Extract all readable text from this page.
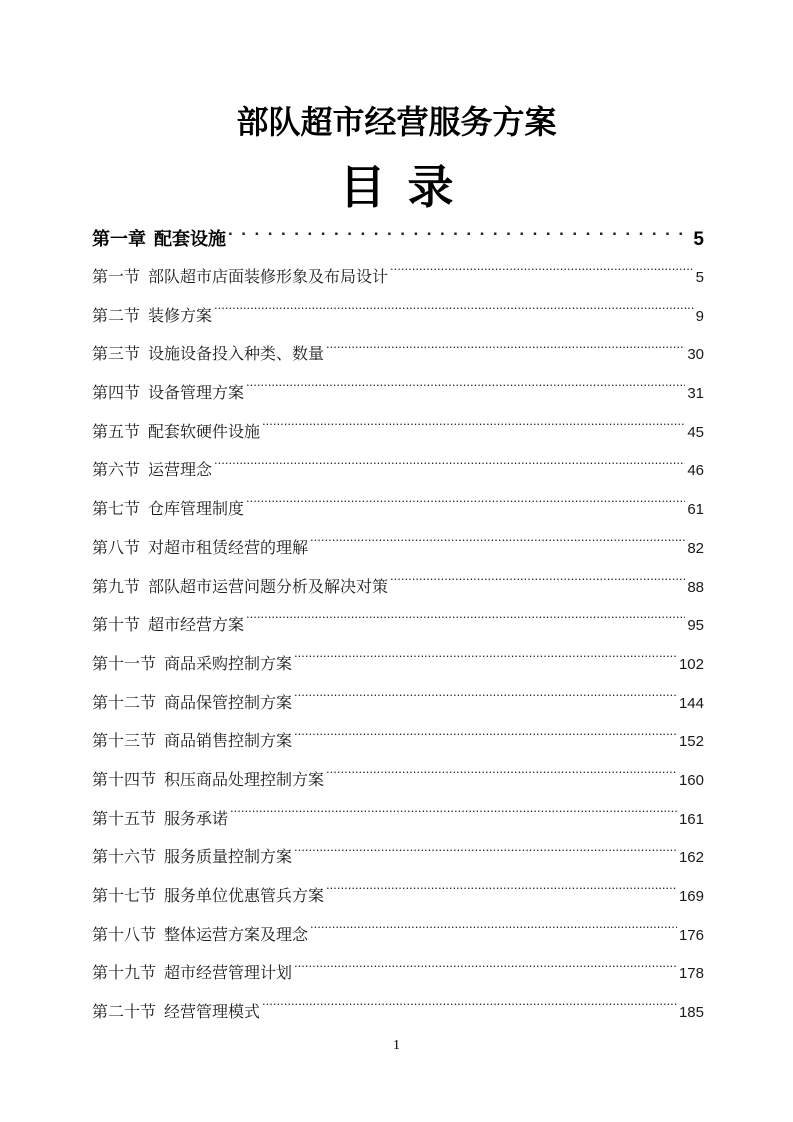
部队超市经营服务方案
目录
第一章 配套设施 . . .	5
第一节 部队超市店面装修形象及布局设计 .....	5
第二节 装修方案 .....	9
第三节 设施设备投入种类、数量 .....	30
第四节 设备管理方案 .....	31
第五节 配套软硬件设施 .....	45
第六节 运营理念 .....	46
第七节 仓库管理制度 .....	61
第八节 对超市租赁经营的理解 .....	82
第九节 部队超市运营问题分析及解决对策 .....	88
第十节 超市经营方案 .....	95
第十一节 商品采购控制方案 .....	102
第十二节 商品保管控制方案 .....	144
第十三节 商品销售控制方案 .....	152
第十四节 积压商品处理控制方案 .....	160
第十五节 服务承诺 .....	161
第十六节 服务质量控制方案 .....	162
第十七节 服务单位优惠管兵方案 .....	169
第十八节 整体运营方案及理念 .....	176
第十九节 超市经营管理计划 .....	178
第二十节 经营管理模式 .....	185
1
